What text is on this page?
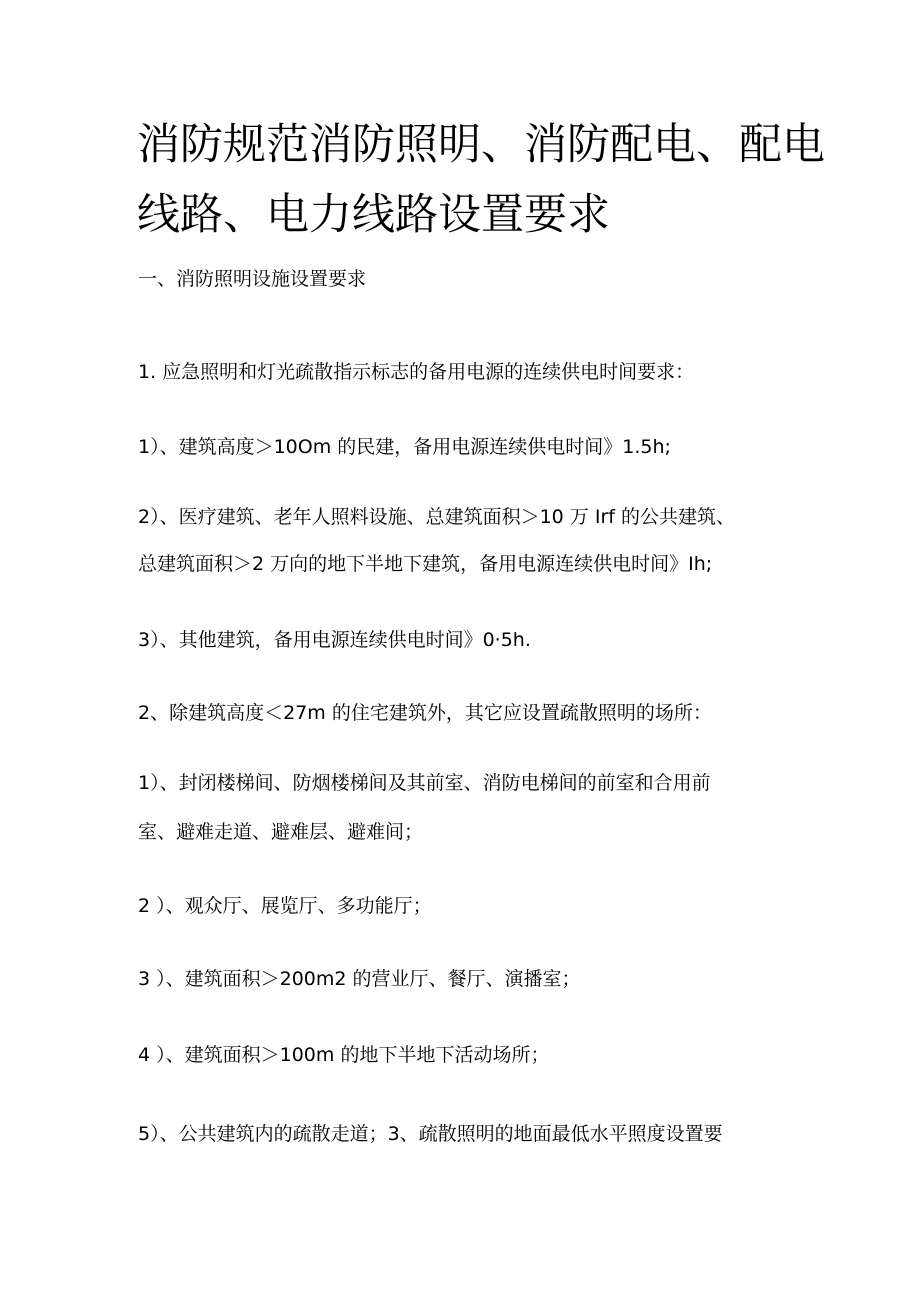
消防规范消防照明、消防配电、配电
线路、电力线路设置要求

一、消防照明设施设置要求

1. 应急照明和灯光疏散指示标志的备用电源的连续供电时间要求：

1）、建筑高度＞10Om 的民建，备用电源连续供电时间》1.5h;

2）、医疗建筑、老年人照料设施、总建筑面积＞10 万 Irf 的公共建筑、

总建筑面积＞2 万向的地下半地下建筑，备用电源连续供电时间》Ih;

3）、其他建筑，备用电源连续供电时间》0·5h.

2、除建筑高度＜27m 的住宅建筑外，其它应设置疏散照明的场所：

1）、封闭楼梯间、防烟楼梯间及其前室、消防电梯间的前室和合用前

室、避难走道、避难层、避难间；

2 ）、观众厅、展览厅、多功能厅；

3 ）、建筑面积＞200m2 的营业厅、餐厅、演播室；

4 ）、建筑面积＞100m 的地下半地下活动场所；

5）、公共建筑内的疏散走道；3、疏散照明的地面最低水平照度设置要
